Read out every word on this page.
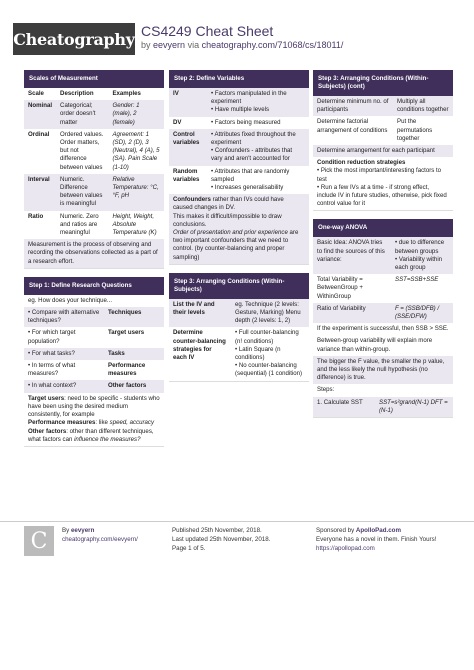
Cheatography CS4249 Cheat Sheet
by eevyern via cheatography.com/71068/cs/18011/
Scales of Measurement
Scale	Description	Examples
Nominal	Categorical; order doesn't matter	Gender: 1 (male), 2 (female)
Ordinal	Ordered values. Order matters, but not difference between values	Agreement: 1 (SD), 2 (D), 3 (Neutral), 4 (A), 5 (SA). Pain Scale (1-10)
Interval	Numeric. Difference between values is meaningful	Relative Temperature: °C, °F, pH
Ratio	Numeric. Zero and ratios are meaningful	Height, Weight, Absolute Temperature (K)
Measurement is the process of observing and recording the observations collected as a part of a research effort.
Step 1: Define Research Questions
eg. How does your technique...
• Compare with alternative techniques?	Techniques
• For which target population?	Target users
• For what tasks?	Tasks
• In terms of what measures?	Performance measures
• In what context?	Other factors
Target users: need to be specific - students who have been using the desired medium consistently, for example
Performance measures: like speed, accuracy
Other factors: other than different techniques, what factors can influence the measures?
Step 2: Define Variables
IV	• Factors manipulated in the experiment
• Have multiple levels
DV	• Factors being measured
Control variables	• Attributes fixed throughout the experiment
• Confounders - attributes that vary and aren't accounted for
Random variables	• Attributes that are randomly sampled
• Increases generalisability
Confounders rather than IVs could have caused changes in DV.
This makes it difficult/impossible to draw conclusions.
Order of presentation and prior experience are two important confounders that we need to control. (by counter-balancing and proper sampling)
Step 3: Arranging Conditions (Within-Subjects)
List the IV and their levels	eg. Technique (2 levels: Gesture, Marking) Menu depth (2 levels: 1, 2)
Determine counter-balancing strategies for each IV	• Full counter-balancing (n! conditions)
• Latin Square (n conditions)
• No counter-balancing (sequential) (1 condition)
Step 3: Arranging Conditions (Within-Subjects) (cont)
Determine minimum no. of participants	Multiply all conditions together
Determine factorial arrangement of conditions	Put the permutations together
Determine arrangement for each participant	
Condition reduction strategies
• Pick the most important/interesting factors to test
• Run a few IVs at a time - if strong effect, include IV in future studies, otherwise, pick fixed control value for it
One-way ANOVA
Basic Idea: ANOVA tries to find the sources of this variance:	• due to difference between groups
• Variability within each group
Total Variability = BetweenGroup + WithinGroup	SST=SSB+SSE
Ratio of Variability	F = (SSB/DFB) / (SSE/DFW)
If the experiment is successful, then SSB > SSE.
Between-group variability will explain more variance than within-group.
The bigger the F value, the smaller the p value, and the less likely the null hypothesis (no difference) is true.
Steps:
1. Calculate SST	SST=s²grand(N-1) DFT = (N-1)
C	By eevyern
cheatography.com/eevyern/
Published 25th November, 2018.
Last updated 25th November, 2018.
Page 1 of 5.
Sponsored by ApolloPad.com
Everyone has a novel in them. Finish Yours!
https://apollopad.com
